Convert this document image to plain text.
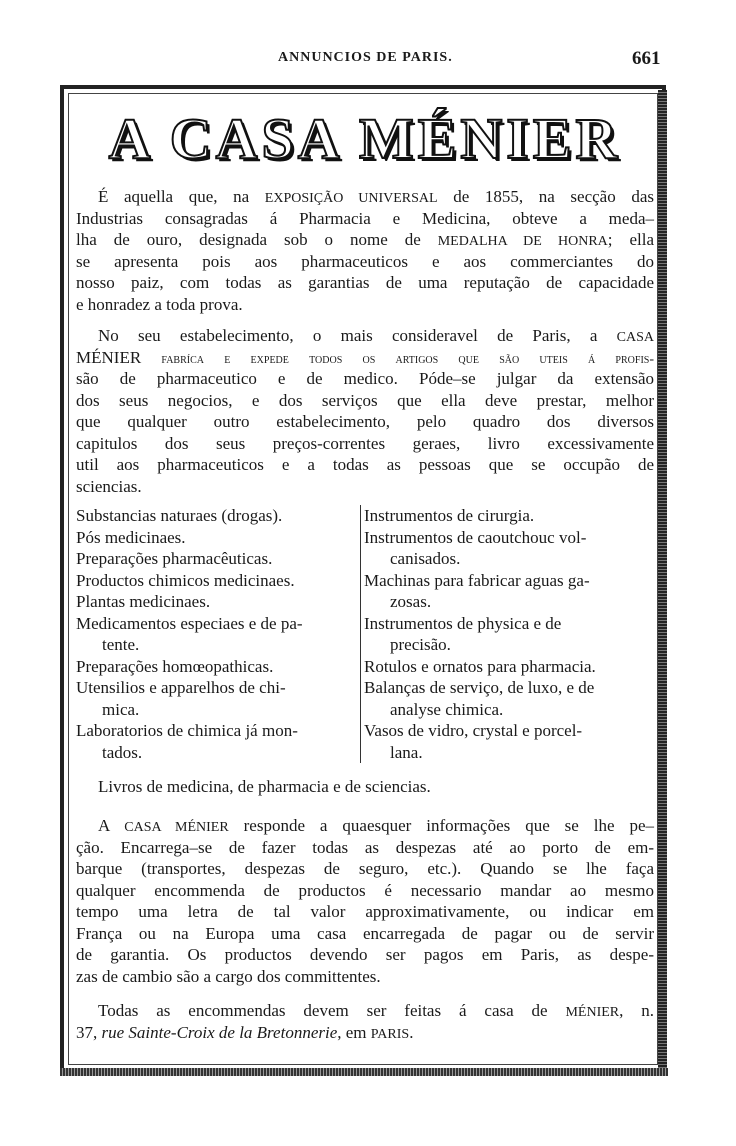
ANNUNCIOS DE PARIS.	661
A CASA MÉNIER
É aquella que, na EXPOSIÇÃO UNIVERSAL de 1855, na secção das
Industrias consagradas á Pharmacia e Medicina, obteve a meda–
lha de ouro, designada sob o nome de MEDALHA DE HONRA; ella
se apresenta pois aos pharmaceuticos e aos commerciantes do
nosso paiz, com todas as garantias de uma reputação de capacidade
e honradez a toda prova.
No seu estabelecimento, o mais consideravel de Paris, a CASA
MÉNIER fabríca e expede todos os artigos que são uteis á profis-
são de pharmaceutico e de medico. Póde–se julgar da extensão
dos seus negocios, e dos serviços que ella deve prestar, melhor
que qualquer outro estabelecimento, pelo quadro dos diversos
capitulos dos seus preços-correntes geraes, livro excessivamente
util aos pharmaceuticos e a todas as pessoas que se occupão de
sciencias.
Substancias naturaes (drogas).
Pós medicinaes.
Preparações pharmacêuticas.
Productos chimicos medicinaes.
Plantas medicinaes.
Medicamentos especiaes e de pa-
tente.
Preparações homœopathicas.
Utensilios e apparelhos de chi-
mica.
Laboratorios de chimica já mon-
tados.
Instrumentos de cirurgia.
Instrumentos de caoutchouc vol-
canisados.
Machinas para fabricar aguas ga-
zosas.
Instrumentos de physica e de
precisão.
Rotulos e ornatos para pharmacia.
Balanças de serviço, de luxo, e de
analyse chimica.
Vasos de vidro, crystal e porcel-
lana.
Livros de medicina, de pharmacia e de sciencias.
A CASA MÉNIER responde a quaesquer informações que se lhe pe–
ção. Encarrega–se de fazer todas as despezas até ao porto de em-
barque (transportes, despezas de seguro, etc.). Quando se lhe faça
qualquer encommenda de productos é necessario mandar ao mesmo
tempo uma letra de tal valor approximativamente, ou indicar em
França ou na Europa uma casa encarregada de pagar ou de servir
de garantia. Os productos devendo ser pagos em Paris, as despe-
zas de cambio são a cargo dos committentes.
Todas as encommendas devem ser feitas á casa de MÉNIER, n.
37, rue Sainte-Croix de la Bretonnerie, em PARIS.
